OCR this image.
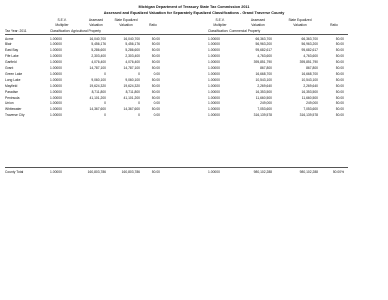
Michigan Department of Treasury State Tax Commission 2011
Assessed and Equalized Valuation for Separately Equalized Classifications - Grand Traverse County
S.E.V.
Multiplier
Assessed
Valuation
State Equalized
Valuation	Ratio
Tax Year: 2011	Classification: Agricultural Property
S.E.V.
Multiplier
Assessed
Valuation
State Equalized
Valuation	Ratio
Classification: Commercial Property
Acme	1.00000	16,040,700	16,040,700	50.00	1.00000	66,363,700	66,363,700	50.00
Blair	1.00000	5,456,176	5,456,176	50.00	1.00000	56,963,200	56,963,200	50.00
East Bay	1.00000	5,286,600	5,286,600	50.00	1.00000	95,682,617	95,682,617	50.00
Fife Lake	1.00000	2,303,400	2,303,400	50.00	1.00000	4,763,600	4,763,600	50.00
Garfield	1.00000	4,076,400	4,076,400	50.00	1.00000	395,851,790	395,851,790	50.00
Grant	1.00000	14,787,100	14,787,100	50.00	1.00000	867,800	867,800	50.00
Green Lake	1.00000	0	0	0.00	1.00000	16,668,700	16,668,700	50.00
Long Lake	1.00000	9,060,100	9,060,100	50.00	1.00000	10,543,100	10,543,100	50.00
Mayfield	1.00000	19,624,320	19,624,320	50.00	1.00000	2,269,640	2,269,640	50.00
Paradise	1.00000	8,711,800	8,711,800	50.00	1.00000	16,353,500	16,353,500	50.00
Peninsula	1.00000	41,101,200	41,101,200	50.00	1.00000	11,660,500	11,660,500	50.00
Union	1.00000	0	0	0.00	1.00000	249,000	249,000	50.00
Whitewater	1.00000	14,367,600	14,367,600	50.00	1.00000	7,053,600	7,053,600	50.00
Traverse City	1.00000	0	0	0.00	1.00000	316,139,578	316,139,578	50.00
County Total	1.00000	160,803,786	160,803,786	50.00	1.00000	980,102,288	980,102,288	50.00%
